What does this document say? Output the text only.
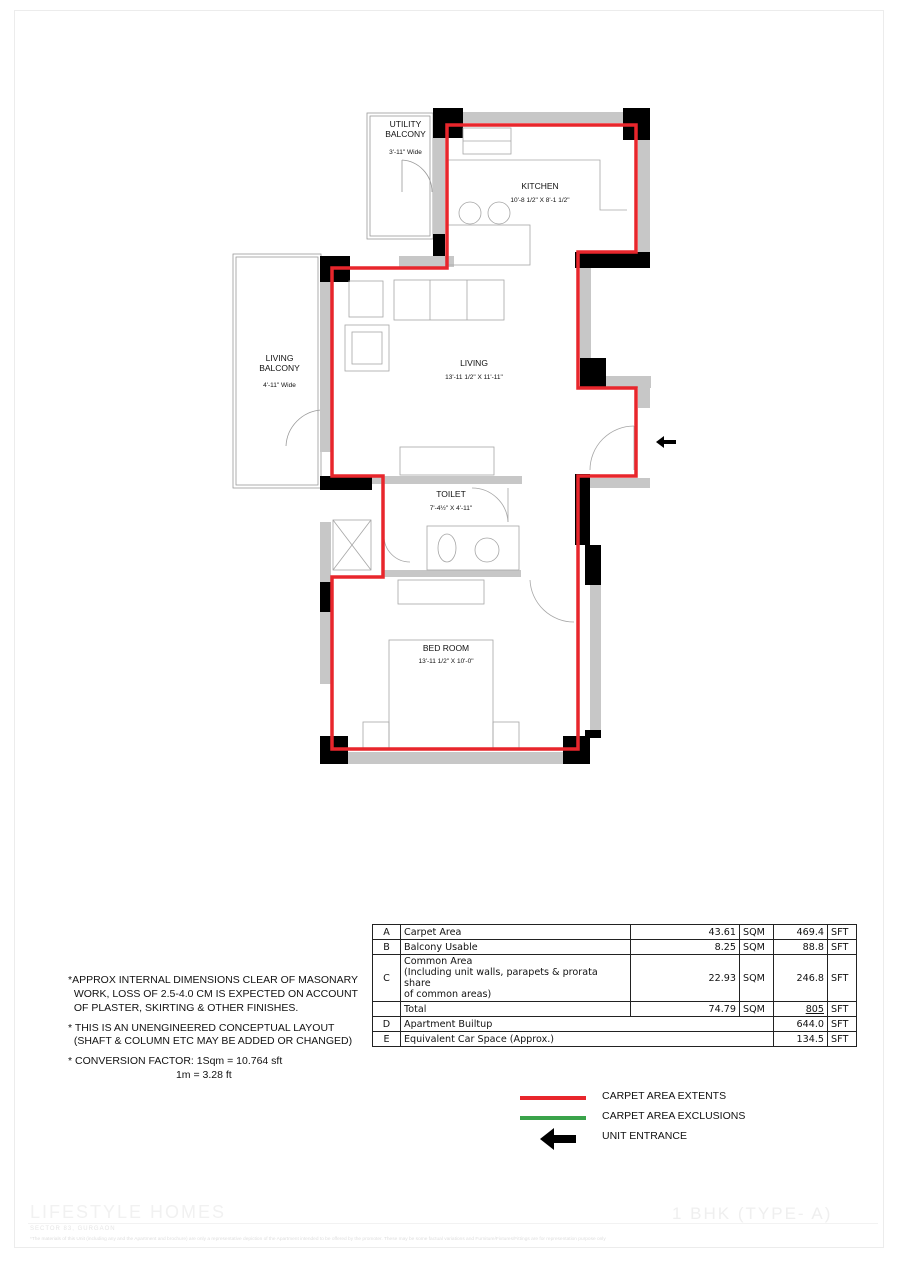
UTILITY
BALCONY
3'-11" Wide
KITCHEN
10'-8 1/2" X 8'-1 1/2"
LIVING
BALCONY
4'-11" Wide
LIVING
13'-11 1/2" X 11'-11"
TOILET
7'-4½" X 4'-11"
BED ROOM
13'-11 1/2" X 10'-0"

*APPROX INTERNAL DIMENSIONS CLEAR OF MASONARY

WORK, LOSS OF 2.5-4.0 CM IS EXPECTED ON ACCOUNT

OF PLASTER, SKIRTING & OTHER FINISHES.

* THIS IS AN UNENGINEERED CONCEPTUAL LAYOUT

(SHAFT & COLUMN ETC MAY BE ADDED OR CHANGED)

* CONVERSION FACTOR: 1Sqm = 10.764 sft

1m = 3.28 ft

A	Carpet Area	43.61	SQM	469.4	SFT
B	Balcony Usable	8.25	SQM	88.8	SFT
C	Common Area
(Including unit walls, parapets & prorata share
of common areas)	22.93	SQM	246.8	SFT
	Total	74.79	SQM	805	SFT
D	Apartment Builtup			644.0	SFT
E	Equivalent Car Space (Approx.)			134.5	SFT
CARPET AREA EXTENTS
CARPET AREA EXCLUSIONS
UNIT ENTRANCE
LIFESTYLE HOMES
SECTOR 83, GURGAON
1 BHK (TYPE- A)
*The materials of this Unit (including any and the Apartment and brochure) are only a representative depiction of the Apartment intended to be offered by the promoter. These may be some factual variations and Furniture/Fixtures/Fittings are for representation purpose only
